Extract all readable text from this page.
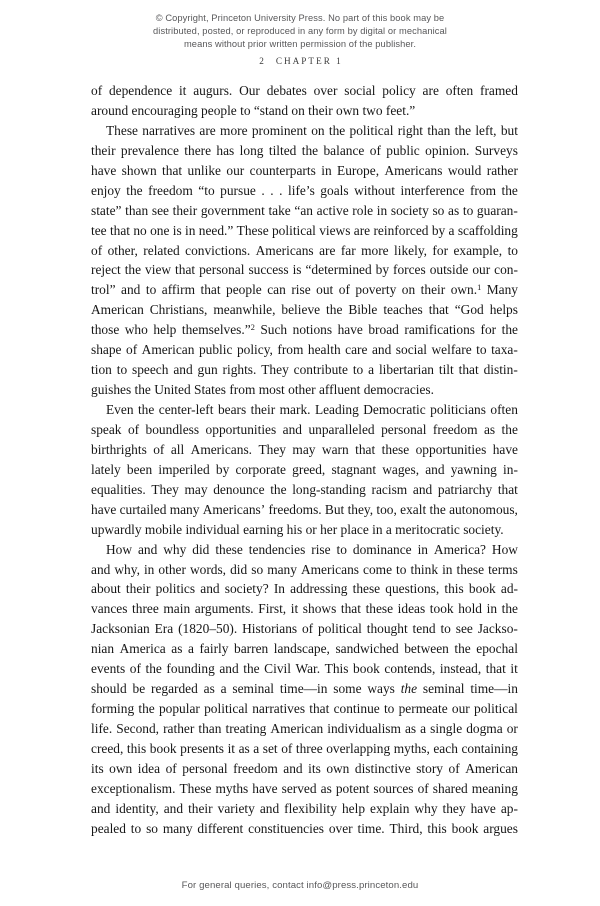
© Copyright, Princeton University Press. No part of this book may be
distributed, posted, or reproduced in any form by digital or mechanical
means without prior written permission of the publisher.
2 CHAPTER 1
of dependence it augurs. Our debates over social policy are often framed
around encouraging people to “stand on their own two feet.”
These narratives are more prominent on the political right than the left, but
their prevalence there has long tilted the balance of public opinion. Surveys
have shown that unlike our counterparts in Europe, Americans would rather
enjoy the freedom “to pursue . . . life’s goals without interference from the
state” than see their government take “an active role in society so as to guaran-
tee that no one is in need.” These political views are reinforced by a scaffolding
of other, related convictions. Americans are far more likely, for example, to
reject the view that personal success is “determined by forces outside our con-
trol” and to affirm that people can rise out of poverty on their own.$^1$ Many
American Christians, meanwhile, believe the Bible teaches that “God helps
those who help themselves.”$^2$ Such notions have broad ramifications for the
shape of American public policy, from health care and social welfare to taxa-
tion to speech and gun rights. They contribute to a libertarian tilt that distin-
guishes the United States from most other affluent democracies.
Even the center-left bears their mark. Leading Democratic politicians often
speak of boundless opportunities and unparalleled personal freedom as the
birthrights of all Americans. They may warn that these opportunities have
lately been imperiled by corporate greed, stagnant wages, and yawning in-
equalities. They may denounce the long-standing racism and patriarchy that
have curtailed many Americans’ freedoms. But they, too, exalt the autonomous,
upwardly mobile individual earning his or her place in a meritocratic society.
How and why did these tendencies rise to dominance in America? How
and why, in other words, did so many Americans come to think in these terms
about their politics and society? In addressing these questions, this book ad-
vances three main arguments. First, it shows that these ideas took hold in the
Jacksonian Era (1820–50). Historians of political thought tend to see Jackso-
nian America as a fairly barren landscape, sandwiched between the epochal
events of the founding and the Civil War. This book contends, instead, that it
should be regarded as a seminal time—in some ways the seminal time—in
forming the popular political narratives that continue to permeate our political
life. Second, rather than treating American individualism as a single dogma or
creed, this book presents it as a set of three overlapping myths, each containing
its own idea of personal freedom and its own distinctive story of American
exceptionalism. These myths have served as potent sources of shared meaning
and identity, and their variety and flexibility help explain why they have ap-
pealed to so many different constituencies over time. Third, this book argues
For general queries, contact info@press.princeton.edu
